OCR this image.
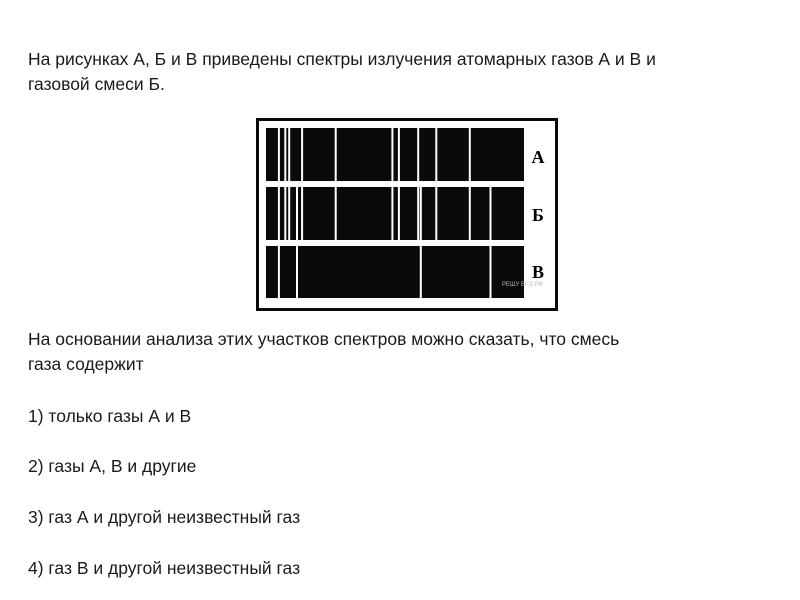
На рисунках А, Б и В приведены спектры излучения атомарных газов А и В и
газовой смеси Б.
А
Б
В
РЕШУ ЕГЭ.РФ
На основании анализа этих участков спектров можно сказать, что смесь
газа содержит
1) только газы А и В
2) газы А, В и другие
3) газ А и другой неизвестный газ
4) газ В и другой неизвестный газ
